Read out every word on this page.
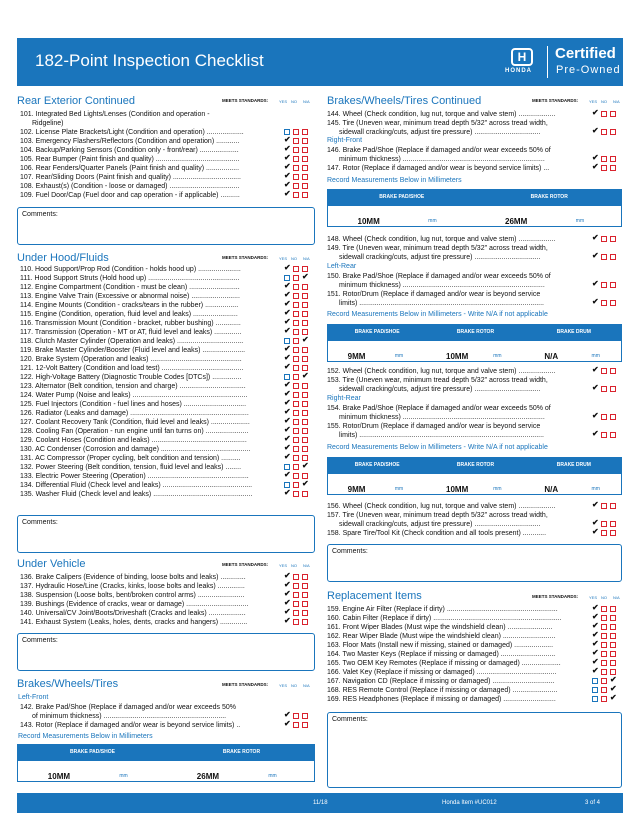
182-Point Inspection Checklist	H
HONDA
Certified
Pre-Owned
Rear Exterior Continued	MEETS STANDARDS:	YES NO N/A
101. Integrated Bed Lights/Lenses (Condition and operation -
Ridgeline)
102. License Plate Brackets/Light (Condition and operation) ...................
103. Emergency Flashers/Reflectors (Condition and operation) ............	✔
104. Backup/Parking Sensors (Condition only - front/rear) ....................	✔
105. Rear Bumper (Paint finish and quality) ...........................................	✔
106. Rear Fenders/Quarter Panels (Paint finish and quality) .................	✔
107. Rear/Sliding Doors (Paint finish and quality) ...................................	✔
108. Exhaust(s) (Condition - loose or damaged) ....................................	✔
109. Fuel Door/Cap (Fuel door and cap operation - if applicable) ..........	✔
Comments:
Under Hood/Fluids	MEETS STANDARDS:	YES NO N/A
110. Hood Support/Prop Rod (Condition - holds hood up) ......................	✔
111. Hood Support Struts (Hold hood up) ...............................................	✔
112. Engine Compartment (Condition - must be clean) ..........................	✔
113. Engine Valve Train (Excessive or abnormal noise) .........................	✔
114. Engine Mounts (Condition - cracks/tears in the rubber) .................	✔
115. Engine (Condition, operation, fluid level and leaks) .......................	✔
116. Transmission Mount (Condition - bracket, rubber bushing) .............	✔
117. Transmission (Operation - MT or AT, fluid level and leaks) ..............	✔
118. Clutch Master Cylinder (Operation and leaks) ..................................	✔
119. Brake Master Cylinder/Booster (Fluid level and leaks) ......................	✔
120. Brake System (Operation and leaks) ...............................................	✔
121. 12-Volt Battery (Condition and load test) ..........................................	✔
122. High-Voltage Battery (Diagnostic Trouble Codes [DTCs]) ...............	✔
123. Alternator (Belt condition, tension and charge) ..................................	✔
124. Water Pump (Noise and leaks) ...........................................................	✔
125. Fuel Injectors (Condition - fuel lines and hoses) ................................	✔
126. Radiator (Leaks and damage) .............................................................	✔
127. Coolant Recovery Tank (Condition, fluid level and leaks) ....................	✔
128. Cooling Fan (Operation - run engine until fan turns on) ......................	✔
129. Coolant Hoses (Condition and leaks) .................................................	✔
130. AC Condenser (Corrosion and damage) ..............................................	✔
131. AC Compressor (Proper cycling, belt condition and tension) ..........	✔
132. Power Steering (Belt condition, tension, fluid level and leaks) ........	✔
133. Electric Power Steering (Operation) ....................................................	✔
134. Differential Fluid (Check level and leaks) ..............................................	✔
135. Washer Fluid (Check level and leaks) ...................................................	✔
Comments:
Under Vehicle	MEETS STANDARDS:	YES NO N/A
136. Brake Calipers (Evidence of binding, loose bolts and leaks) .............	✔
137. Hydraulic Hose/Line (Cracks, kinks, loose bolts and leaks) ..............	✔
138. Suspension (Loose bolts, bent/broken control arms) ........................	✔
139. Bushings (Evidence of cracks, wear or damage) ................................	✔
140. Universal/CV Joint/Boots/Driveshaft (Cracks and leaks) ...................	✔
141. Exhaust System (Leaks, holes, dents, cracks and hangers) ..............	✔
Comments:
Brakes/Wheels/Tires	MEETS STANDARDS:	YES NO N/A
Left-Front
142. Brake Pad/Shoe (Replace if damaged and/or wear exceeds 50%
of minimum thickness) ...............................................................	✔
143. Rotor (Replace if damaged and/or wear is beyond service limits) ..	✔
Record Measurements Below in Millimeters
BRAKE PAD/SHOE
10MM	mm
BRAKE ROTOR
26MM	mm
Brakes/Wheels/Tires Continued	MEETS STANDARDS:	YES NO N/A
144. Wheel (Check condition, lug nut, torque and valve stem) ...................	✔
145. Tire (Uneven wear, minimum tread depth 5/32" across tread width,
sidewall cracking/cuts, adjust tire pressure) ..................................	✔
Right-Front
146. Brake Pad/Shoe (Replace if damaged and/or wear exceeds 50% of
minimum thickness) .........................................................................	✔
147. Rotor (Replace if damaged and/or wear is beyond service limits) ...	✔
Record Measurements Below in Millimeters
BRAKE PAD/SHOE
10MM	mm
BRAKE ROTOR
26MM	mm
148. Wheel (Check condition, lug nut, torque and valve stem) ...................	✔
149. Tire (Uneven wear, minimum tread depth 5/32" across tread width,
sidewall cracking/cuts, adjust tire pressure) ..................................	✔
Left-Rear
150. Brake Pad/Shoe (Replace if damaged and/or wear exceeds 50% of
minimum thickness) .........................................................................	✔
151. Rotor/Drum (Replace if damaged and/or wear is beyond service
limits) ...............................................................................................	✔
Record Measurements Below in Millimeters - Write N/A if not applicable
BRAKE PAD/SHOE
9MM	mm
BRAKE ROTOR
10MM	mm
BRAKE DRUM
N/A	mm
152. Wheel (Check condition, lug nut, torque and valve stem) ...................	✔
153. Tire (Uneven wear, minimum tread depth 5/32" across tread width,
sidewall cracking/cuts, adjust tire pressure) ..................................	✔
Right-Rear
154. Brake Pad/Shoe (Replace if damaged and/or wear exceeds 50% of
minimum thickness) .........................................................................	✔
155. Rotor/Drum (Replace if damaged and/or wear is beyond service
limits) ...............................................................................................	✔
Record Measurements Below in Millimeters - Write N/A if not applicable
BRAKE PAD/SHOE
9MM	mm
BRAKE ROTOR
10MM	mm
BRAKE DRUM
N/A	mm
156. Wheel (Check condition, lug nut, torque and valve stem) ...................	✔
157. Tire (Uneven wear, minimum tread depth 5/32" across tread width,
sidewall cracking/cuts, adjust tire pressure) ..................................	✔
158. Spare Tire/Tool Kit (Check condition and all tools present) ............	✔
Comments:
Replacement Items	MEETS STANDARDS:	YES NO N/A
159. Engine Air Filter (Replace if dirty) .........................................................	✔
160. Cabin Filter (Replace if dirty) ..................................................................	✔
161. Front Wiper Blades (Must wipe the windshield clean) .......................	✔
162. Rear Wiper Blade (Must wipe the windshield clean) ...........................	✔
163. Floor Mats (Install new if missing, stained or damaged) ....................	✔
164. Two Master Keys (Replace if missing or damaged) ............................	✔
165. Two OEM Key Remotes (Replace if missing or damaged) ....................	✔
166. Valet Key (Replace if missing or damaged) .........................................	✔
167. Navigation CD (Replace if missing or damaged) ................................	✔
168. RES Remote Control (Replace if missing or damaged) .......................	✔
169. RES Headphones (Replace if missing or damaged) ...........................	✔
Comments:
11/18	Honda Item #UC012	3 of 4
